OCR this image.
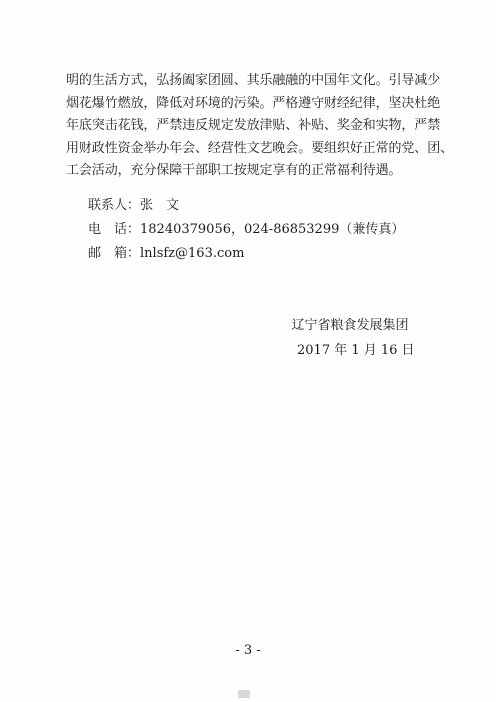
明的生活方式，弘扬阖家团圆、其乐融融的中国年文化。引导减少
烟花爆竹燃放，降低对环境的污染。严格遵守财经纪律，坚决杜绝
年底突击花钱，严禁违反规定发放津贴、补贴、奖金和实物，严禁
用财政性资金举办年会、经营性文艺晚会。要组织好正常的党、团、
工会活动，充分保障干部职工按规定享有的正常福利待遇。
联系人：张　文
电　话：18240379056，024-86853299（兼传真）
邮　箱：lnlsfz@163.com
辽宁省粮食发展集团
2017 年 1 月 16 日
- 3 -
